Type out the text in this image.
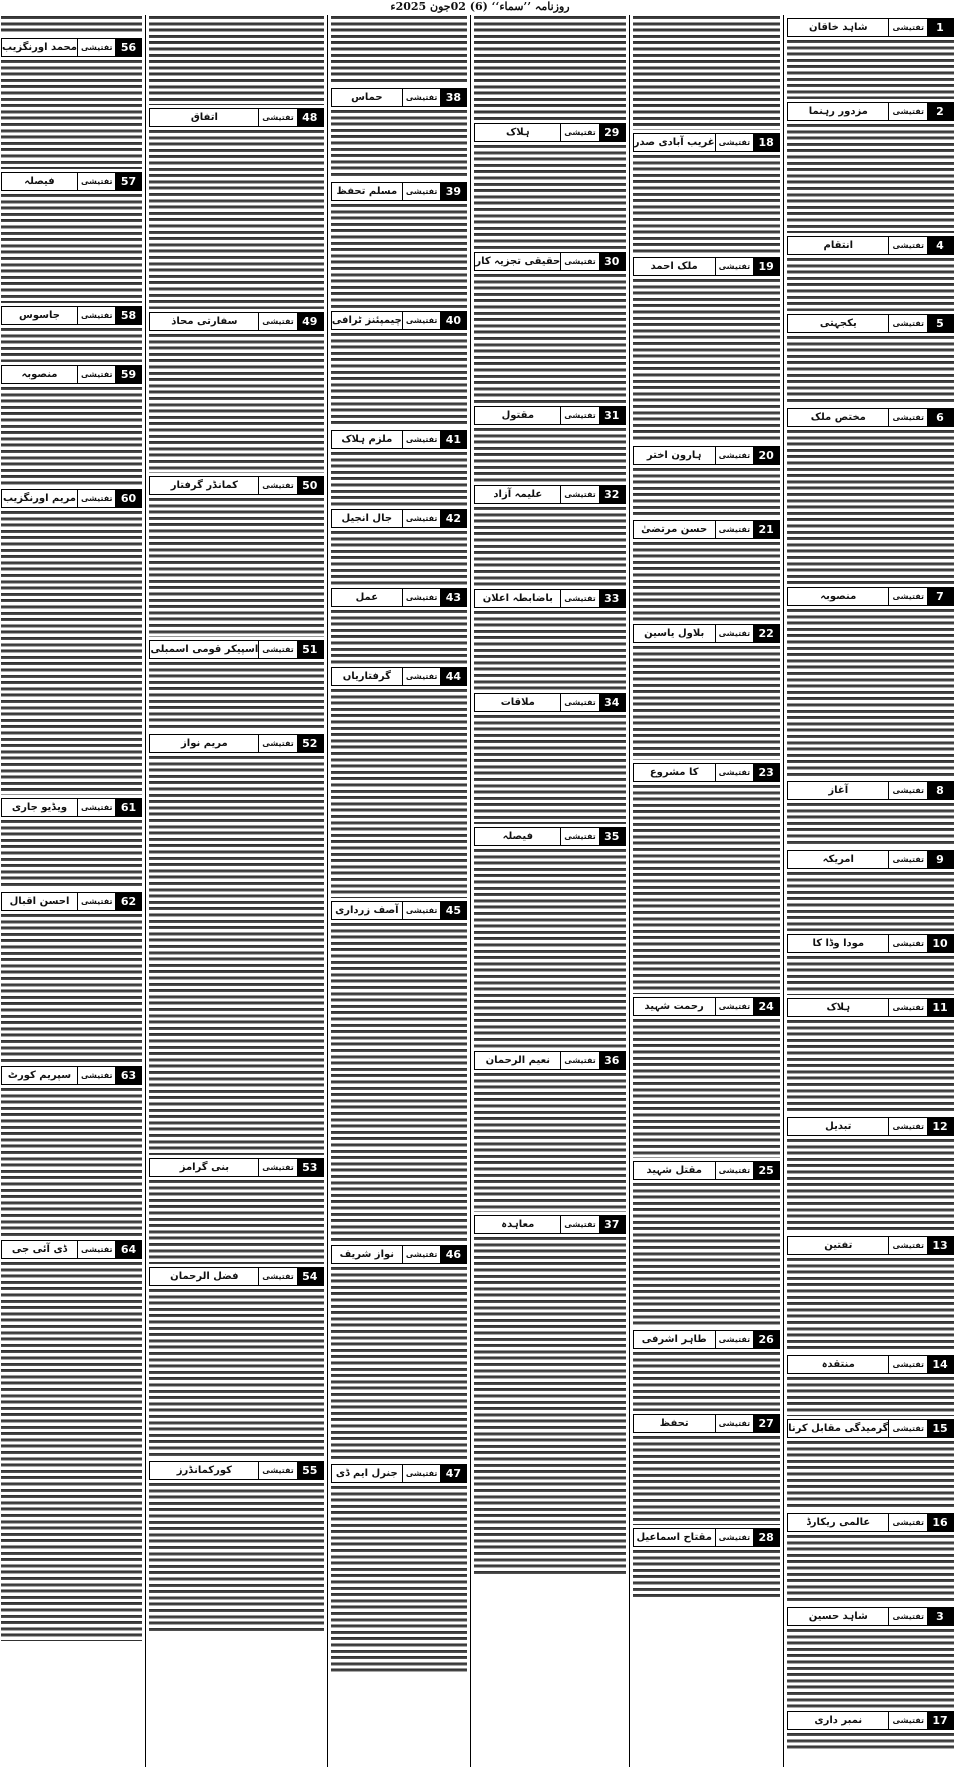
روزنامہ ’’سماء‘‘ (6) 02جون 2025ء
1
تفتیشی
شاہد خاقان
2
تفتیشی
مزدور رہنما
4
تفتیشی
انتقام
5
تفتیشی
یکجہتی
6
تفتیشی
مختص ملک
7
تفتیشی
منصوبہ
8
تفتیشی
آغاز
9
تفتیشی
امریکہ
10
تفتیشی
مودا وڈا کا
11
تفتیشی
ہلاک
12
تفتیشی
تبدیل
13
تفتیشی
تفتین
14
تفتیشی
منتقدہ
15
تفتیشی
گرمیدگی مقابل کرنا
16
تفتیشی
عالمی ریکارڈ
3
تفتیشی
شاہد حسین
17
تفتیشی
نمبر داری
18
تفتیشی
غریب آبادی صدر
19
تفتیشی
ملک احمد
20
تفتیشی
ہارون اختر
21
تفتیشی
حسن مرتضیٰ
22
تفتیشی
بلاول یاسین
23
تفتیشی
کا مشروع
24
تفتیشی
رحمت شہید
25
تفتیشی
مقتل شہید
26
تفتیشی
طاہر اشرفی
27
تفتیشی
تحفظ
28
تفتیشی
مقتاح اسماعیل
29
تفتیشی
ہلاک
30
تفتیشی
حقیقی تجزیہ کار
31
تفتیشی
مقتول
32
تفتیشی
علیمہ آزاد
33
تفتیشی
باضابطہ اعلان
34
تفتیشی
ملاقات
35
تفتیشی
فیصلہ
36
تفتیشی
نعیم الرحمان
37
تفتیشی
معاہدہ
38
تفتیشی
حماس
39
تفتیشی
مسلم تحفظ
40
تفتیشی
چیمپئنز ٹرافی
41
تفتیشی
ملزم ہلاک
42
تفتیشی
جال انجیل
43
تفتیشی
عمل
44
تفتیشی
گرفتاریاں
45
تفتیشی
آصف زرداری
46
تفتیشی
نواز شریف
47
تفتیشی
جنرل ایم ڈی
48
تفتیشی
اتفاق
49
تفتیشی
سفارتی محاذ
50
تفتیشی
کمانڈر گرفتار
51
تفتیشی
اسپیکر قومی اسمبلی
52
تفتیشی
مریم نواز
53
تفتیشی
بنی گرامز
54
تفتیشی
فضل الرحمان
55
تفتیشی
کورکمانڈرز
56
تفتیشی
محمد اورنگزیب
57
تفتیشی
فیصلہ
58
تفتیشی
جاسوس
59
تفتیشی
منصوبہ
60
تفتیشی
مریم اورنگزیب
61
تفتیشی
ویڈیو جاری
62
تفتیشی
احسن اقبال
63
تفتیشی
سپریم کورٹ
64
تفتیشی
ڈی آئی جی
